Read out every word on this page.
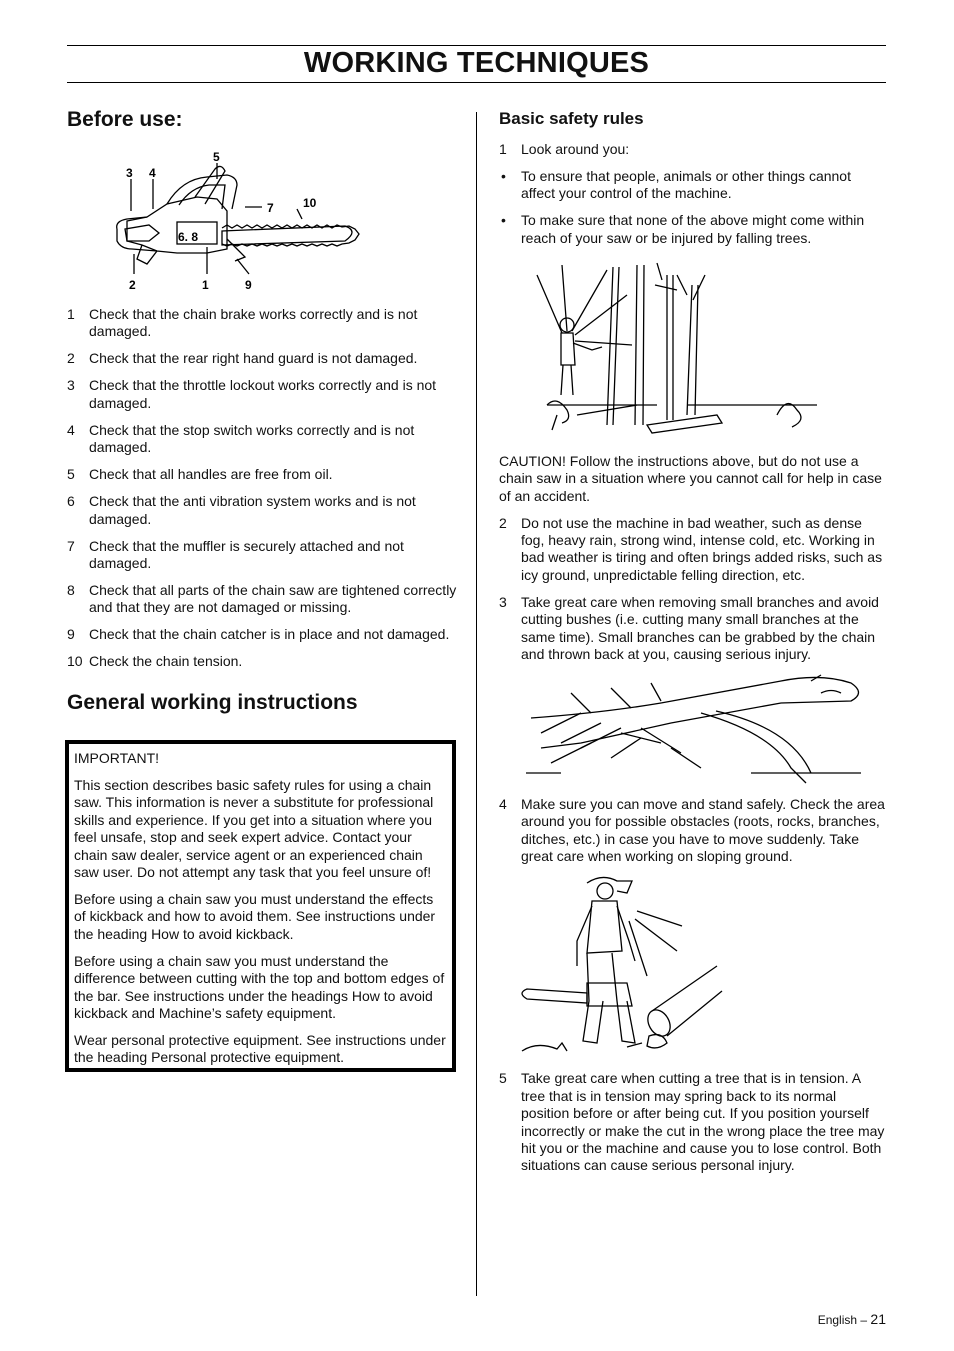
WORKING TECHNIQUES
Before use:
3 4
5
7 10
6. 8
2	1	9
1 Check that the chain brake works correctly and is not damaged.
2 Check that the rear right hand guard is not damaged.
3 Check that the throttle lockout works correctly and is not damaged.
4 Check that the stop switch works correctly and is not damaged.
5 Check that all handles are free from oil.
6 Check that the anti vibration system works and is not damaged.
7 Check that the muffler is securely attached and not damaged.
8 Check that all parts of the chain saw are tightened correctly and that they are not damaged or missing.
9 Check that the chain catcher is in place and not damaged.
10 Check the chain tension.
General working instructions

IMPORTANT!

This section describes basic safety rules for using a chain saw. This information is never a substitute for professional skills and experience. If you get into a situation where you feel unsafe, stop and seek expert advice. Contact your chain saw dealer, service agent or an experienced chain saw user. Do not attempt any task that you feel unsure of!

Before using a chain saw you must understand the effects of kickback and how to avoid them. See instructions under the heading How to avoid kickback.

Before using a chain saw you must understand the difference between cutting with the top and bottom edges of the bar. See instructions under the headings How to avoid kickback and Machine’s safety equipment.

Wear personal protective equipment. See instructions under the heading Personal protective equipment.

Basic safety rules
1 Look around you:
• To ensure that people, animals or other things cannot affect your control of the machine.
• To make sure that none of the above might come within reach of your saw or be injured by falling trees.

CAUTION! Follow the instructions above, but do not use a chain saw in a situation where you cannot call for help in case of an accident.

2 Do not use the machine in bad weather, such as dense fog, heavy rain, strong wind, intense cold, etc. Working in bad weather is tiring and often brings added risks, such as icy ground, unpredictable felling direction, etc.
3 Take great care when removing small branches and avoid cutting bushes (i.e. cutting many small branches at the same time). Small branches can be grabbed by the chain and thrown back at you, causing serious injury.
4 Make sure you can move and stand safely. Check the area around you for possible obstacles (roots, rocks, branches, ditches, etc.) in case you have to move suddenly. Take great care when working on sloping ground.
5 Take great care when cutting a tree that is in tension. A tree that is in tension may spring back to its normal position before or after being cut. If you position yourself incorrectly or make the cut in the wrong place the tree may hit you or the machine and cause you to lose control. Both situations can cause serious personal injury.
English – 21
